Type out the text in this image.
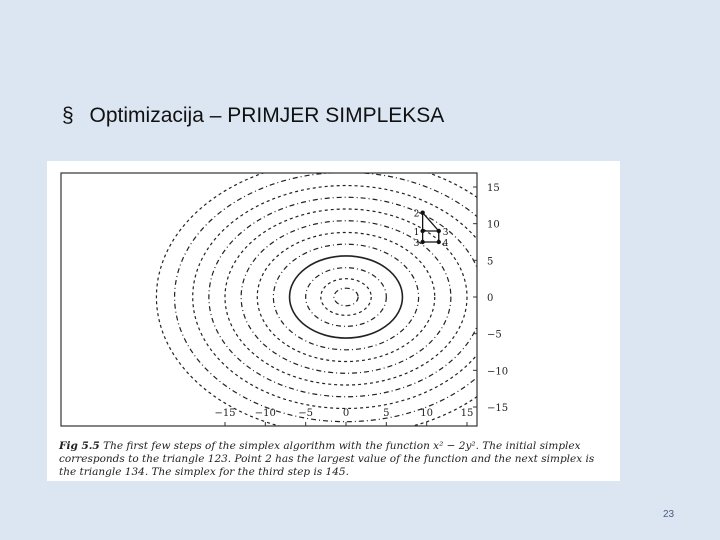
§ Optimizacija – PRIMJER SIMPLEKSA
15
10
5
0
−5
−10
−15
−15 −10 −5	0	5	10	15
1
2
3
3	4
Fig 5.5 The first few steps of the simplex algorithm with the function x² − 2y². The initial simplex corresponds to the triangle 123. Point 2 has the largest value of the function and the next simplex is the triangle 134. The simplex for the third step is 145.
23
